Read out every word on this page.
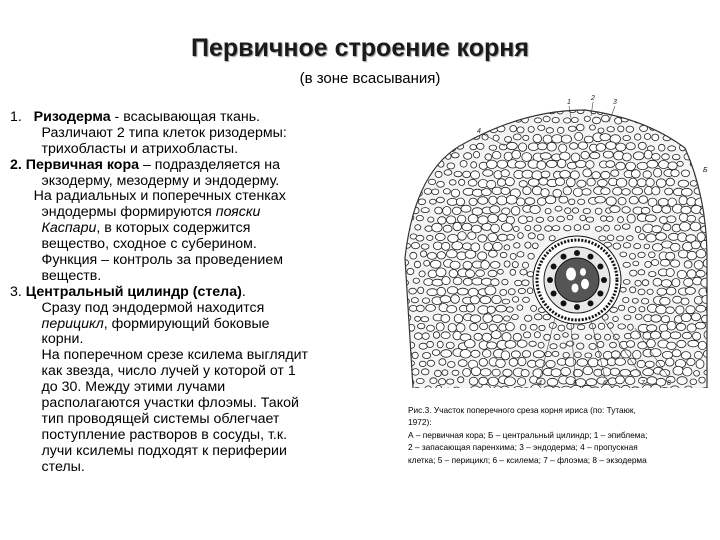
Первичное строение корня
(в зоне всасывания)
1.   Ризодерма - всасывающая ткань.
Различают 2 типа клеток ризодермы:
трихобласты и атрихобласты.
2. Первичная кора – подразделяется на
экзодерму, мезодерму и эндодерму.
На радиальных и поперечных стенках
эндодермы формируются пояски
Каспари, в которых содержится
вещество, сходное с суберином.
Функция – контроль за проведением
веществ.
3. Центральный цилиндр (стела).
Сразу под эндодермой находится
перицикл, формирующий боковые
корни.
На поперечном срезе ксилема выглядит
как звезда, число лучей у которой от 1
до 30. Между этими лучами
располагаются участки флоэмы. Такой
тип проводящей системы облегчает
поступление растворов в сосуды, т.к.
лучи ксилемы подходят к периферии
стелы.
1
2
3
4
Б
4	5	6	7	8
Рис.3. Участок поперечного среза корня ириса (по: Тутаюк,
1972):
А – первичная кора; Б – центральный цилиндр; 1 – эпиблема;
2 – запасающая паренхима; 3 – эндодерма; 4 – пропускная
клетка; 5 – перицикл; 6 – ксилема; 7 – флоэма; 8 – экзодерма
